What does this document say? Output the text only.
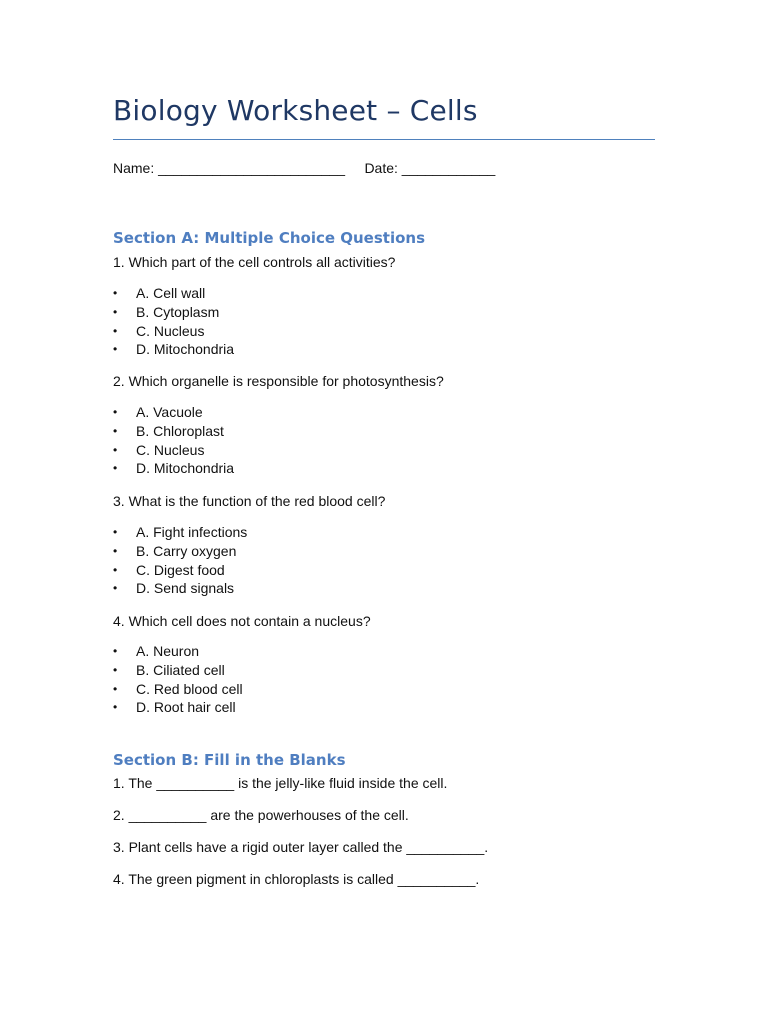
Biology Worksheet – Cells
Name: ________________________     Date: ____________
Section A: Multiple Choice Questions
1. Which part of the cell controls all activities?
• A. Cell wall
• B. Cytoplasm
• C. Nucleus
• D. Mitochondria
2. Which organelle is responsible for photosynthesis?
• A. Vacuole
• B. Chloroplast
• C. Nucleus
• D. Mitochondria
3. What is the function of the red blood cell?
• A. Fight infections
• B. Carry oxygen
• C. Digest food
• D. Send signals
4. Which cell does not contain a nucleus?
• A. Neuron
• B. Ciliated cell
• C. Red blood cell
• D. Root hair cell
Section B: Fill in the Blanks
1. The __________ is the jelly-like fluid inside the cell.
2. __________ are the powerhouses of the cell.
3. Plant cells have a rigid outer layer called the __________.
4. The green pigment in chloroplasts is called __________.
